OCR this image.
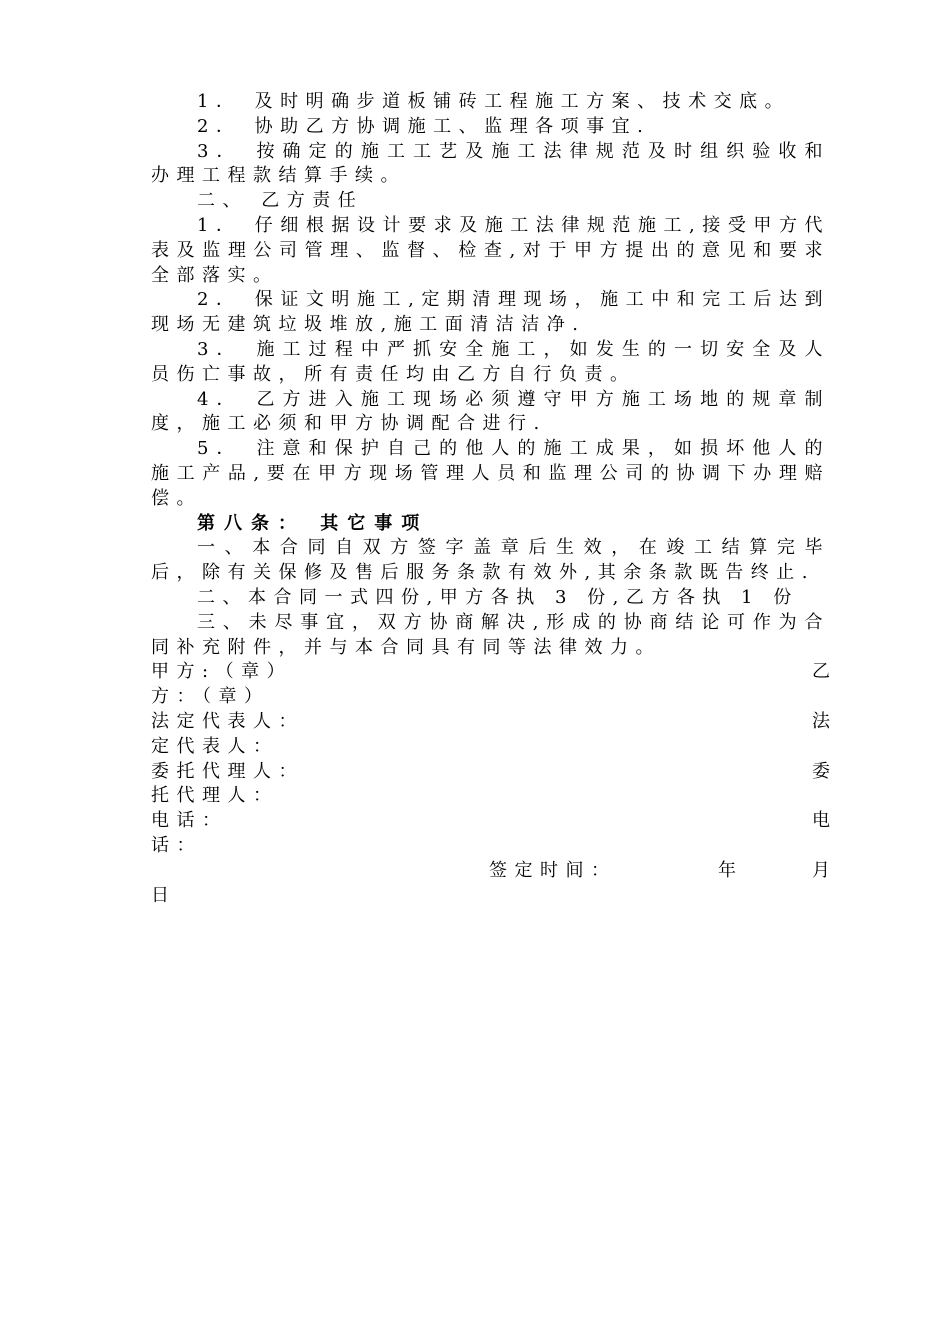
1． 及时明确步道板铺砖工程施工方案、技术交底。

2． 协助乙方协调施工、监理各项事宜.

3． 按确定的施工工艺及施工法律规范及时组织验收和办理工程款结算手续。

二、 乙方责任

1． 仔细根据设计要求及施工法律规范施工,接受甲方代表及监理公司管理、监督、检查,对于甲方提出的意见和要求全部落实。

2． 保证文明施工,定期清理现场，施工中和完工后达到现场无建筑垃圾堆放,施工面清洁洁净.

3． 施工过程中严抓安全施工，如发生的一切安全及人员伤亡事故，所有责任均由乙方自行负责。

4． 乙方进入施工现场必须遵守甲方施工场地的规章制度，施工必须和甲方协调配合进行.

5． 注意和保护自己的他人的施工成果，如损坏他人的施工产品,要在甲方现场管理人员和监理公司的协调下办理赔偿。

第八条： 其它事项

一、本合同自双方签字盖章后生效，在竣工结算完毕后，除有关保修及售后服务条款有效外,其余条款既告终止.

二、本合同一式四份,甲方各执 3 份,乙方各执 1 份

三、未尽事宜，双方协商解决,形成的协商结论可作为合同补充附件，并与本合同具有同等法律效力。

甲方:（章）	乙
方：（章）
法定代表人：	法
定代表人：
委托代理人：	委
托代理人：
电话：	电
话：
签定时间：	年	月
日
